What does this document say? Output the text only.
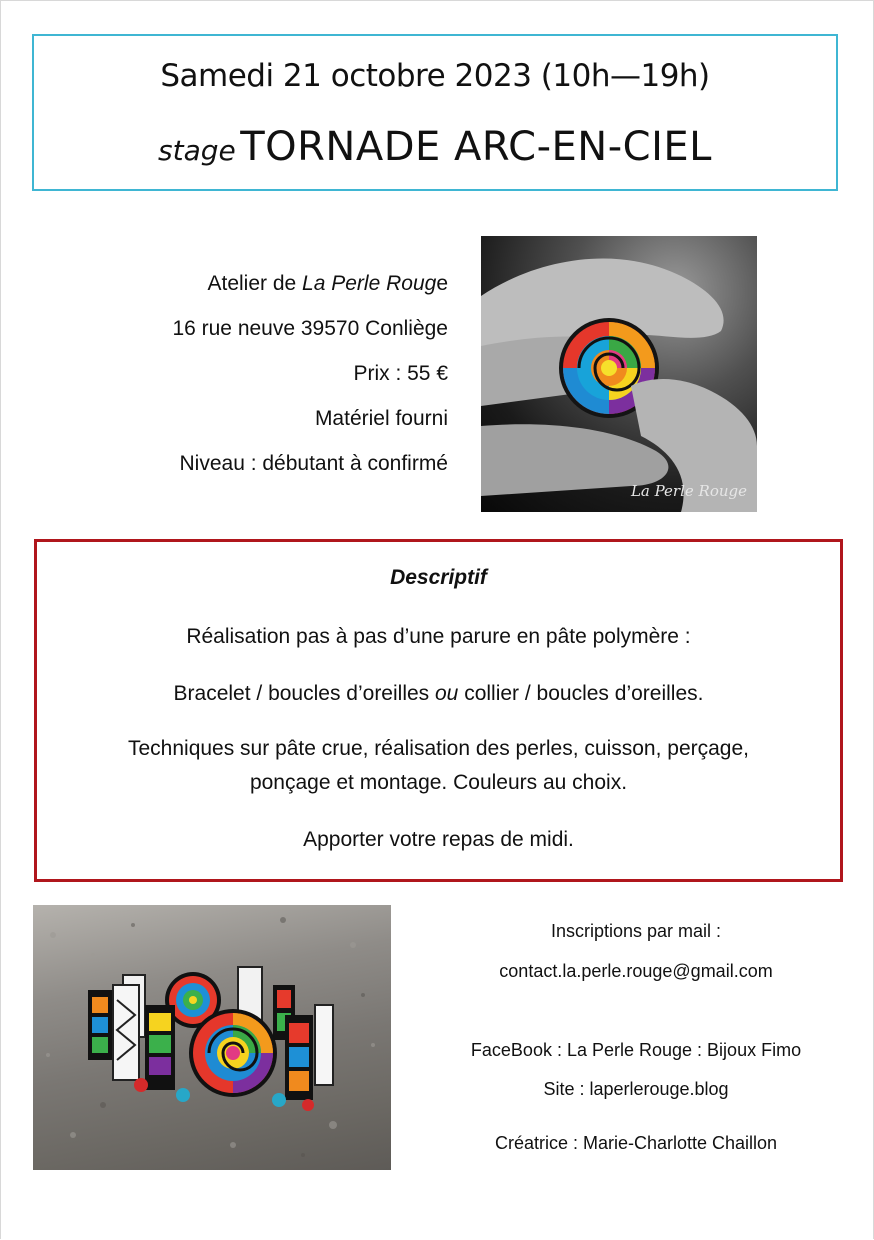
Samedi 21 octobre 2023 (10h—19h)
stage TORNADE ARC-EN-CIEL
Atelier de La Perle Rouge
16 rue neuve 39570 Conliège
Prix : 55 €
Matériel fourni
Niveau : débutant à confirmé
La Perle Rouge
Descriptif
Réalisation pas à pas d’une parure en pâte polymère :
Bracelet / boucles d’oreilles ou collier / boucles d’oreilles.
Techniques sur pâte crue, réalisation des perles, cuisson, perçage,
ponçage et montage. Couleurs au choix.
Apporter votre repas de midi.
Inscriptions par mail :
contact.la.perle.rouge@gmail.com
FaceBook : La Perle Rouge : Bijoux Fimo
Site : laperlerouge.blog
Créatrice : Marie-Charlotte Chaillon
